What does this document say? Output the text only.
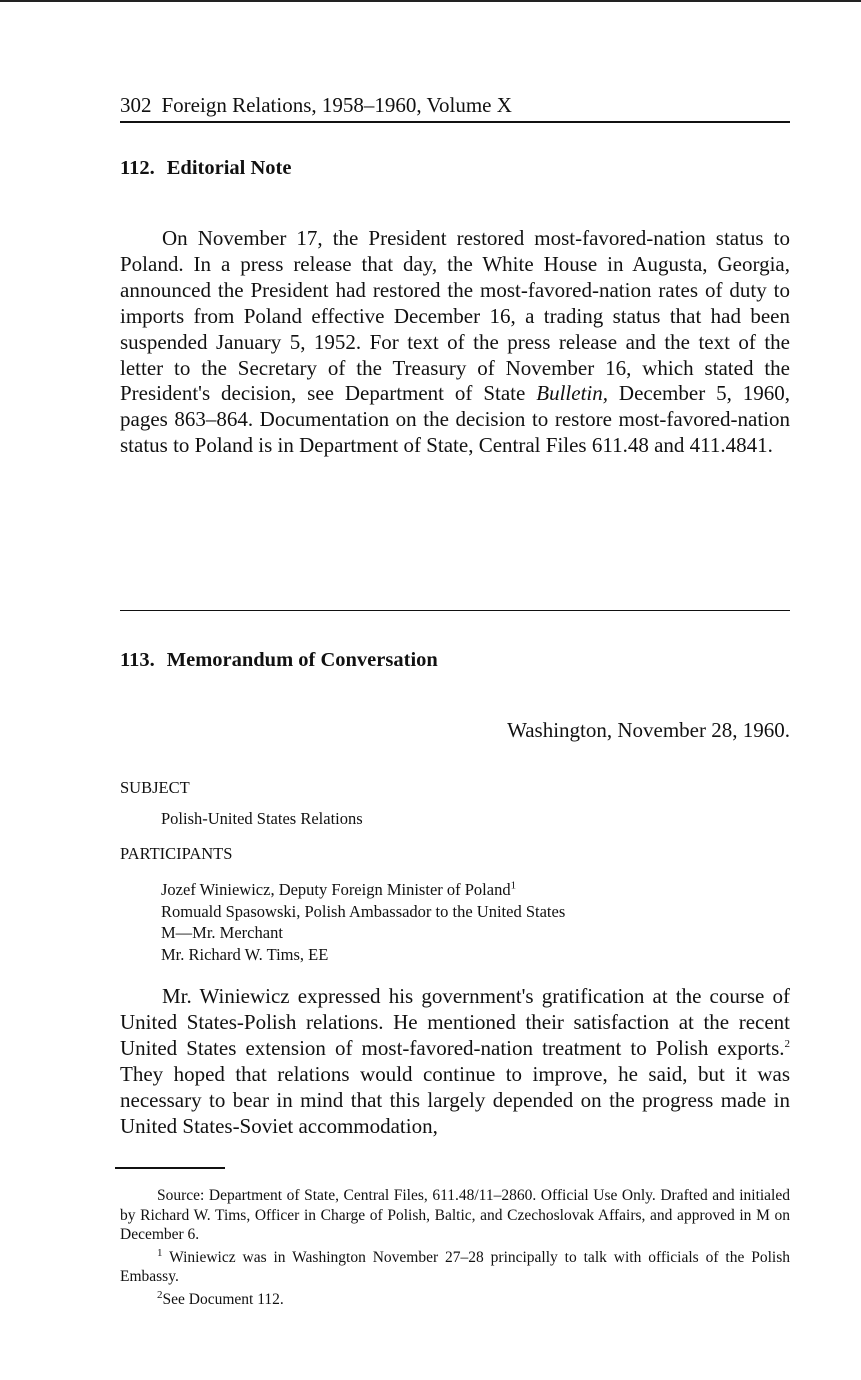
302 Foreign Relations, 1958–1960, Volume X
112. Editorial Note
On November 17, the President restored most-favored-nation status to Poland. In a press release that day, the White House in Augusta, Georgia, announced the President had restored the most-favored-nation rates of duty to imports from Poland effective December 16, a trading status that had been suspended January 5, 1952. For text of the press release and the text of the letter to the Secretary of the Treasury of November 16, which stated the President's decision, see Department of State Bulletin, December 5, 1960, pages 863–864. Documentation on the decision to restore most-favored-nation status to Poland is in Department of State, Central Files 611.48 and 411.4841.
113. Memorandum of Conversation
Washington, November 28, 1960.
SUBJECT
Polish-United States Relations
PARTICIPANTS
Jozef Winiewicz, Deputy Foreign Minister of Poland$^1$
Romuald Spasowski, Polish Ambassador to the United States
M—Mr. Merchant
Mr. Richard W. Tims, EE
Mr. Winiewicz expressed his government's gratification at the course of United States-Polish relations. He mentioned their satisfaction at the recent United States extension of most-favored-nation treatment to Polish exports.$^2$ They hoped that relations would continue to improve, he said, but it was necessary to bear in mind that this largely depended on the progress made in United States-Soviet accommodation,
Source: Department of State, Central Files, 611.48/11–2860. Official Use Only. Drafted and initialed by Richard W. Tims, Officer in Charge of Polish, Baltic, and Czechoslovak Affairs, and approved in M on December 6.
$^1$ Winiewicz was in Washington November 27–28 principally to talk with officials of the Polish Embassy.
$^2$See Document 112.
